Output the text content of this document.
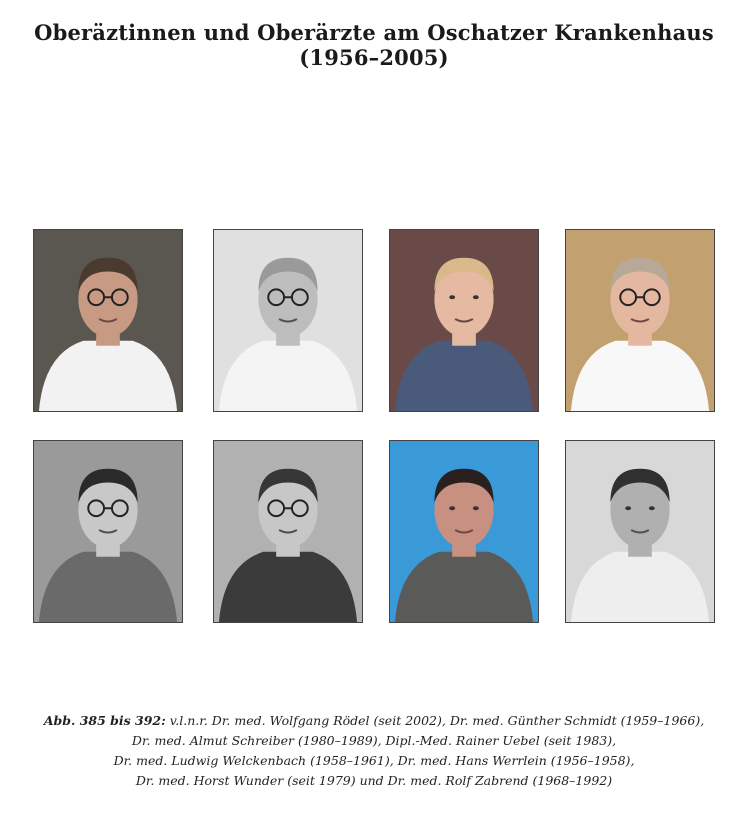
Oberäztinnen und Oberärzte am Oschatzer Krankenhaus (1956–2005)
Abb. 385 bis 392: v.l.n.r. Dr. med. Wolfgang Rödel (seit 2002), Dr. med. Günther Schmidt (1959–1966),
Dr. med. Almut Schreiber (1980–1989), Dipl.-Med. Rainer Uebel (seit 1983),
Dr. med. Ludwig Welckenbach (1958–1961), Dr. med. Hans Werrlein (1956–1958),
Dr. med. Horst Wunder (seit 1979) und Dr. med. Rolf Zabrend (1968–1992)
